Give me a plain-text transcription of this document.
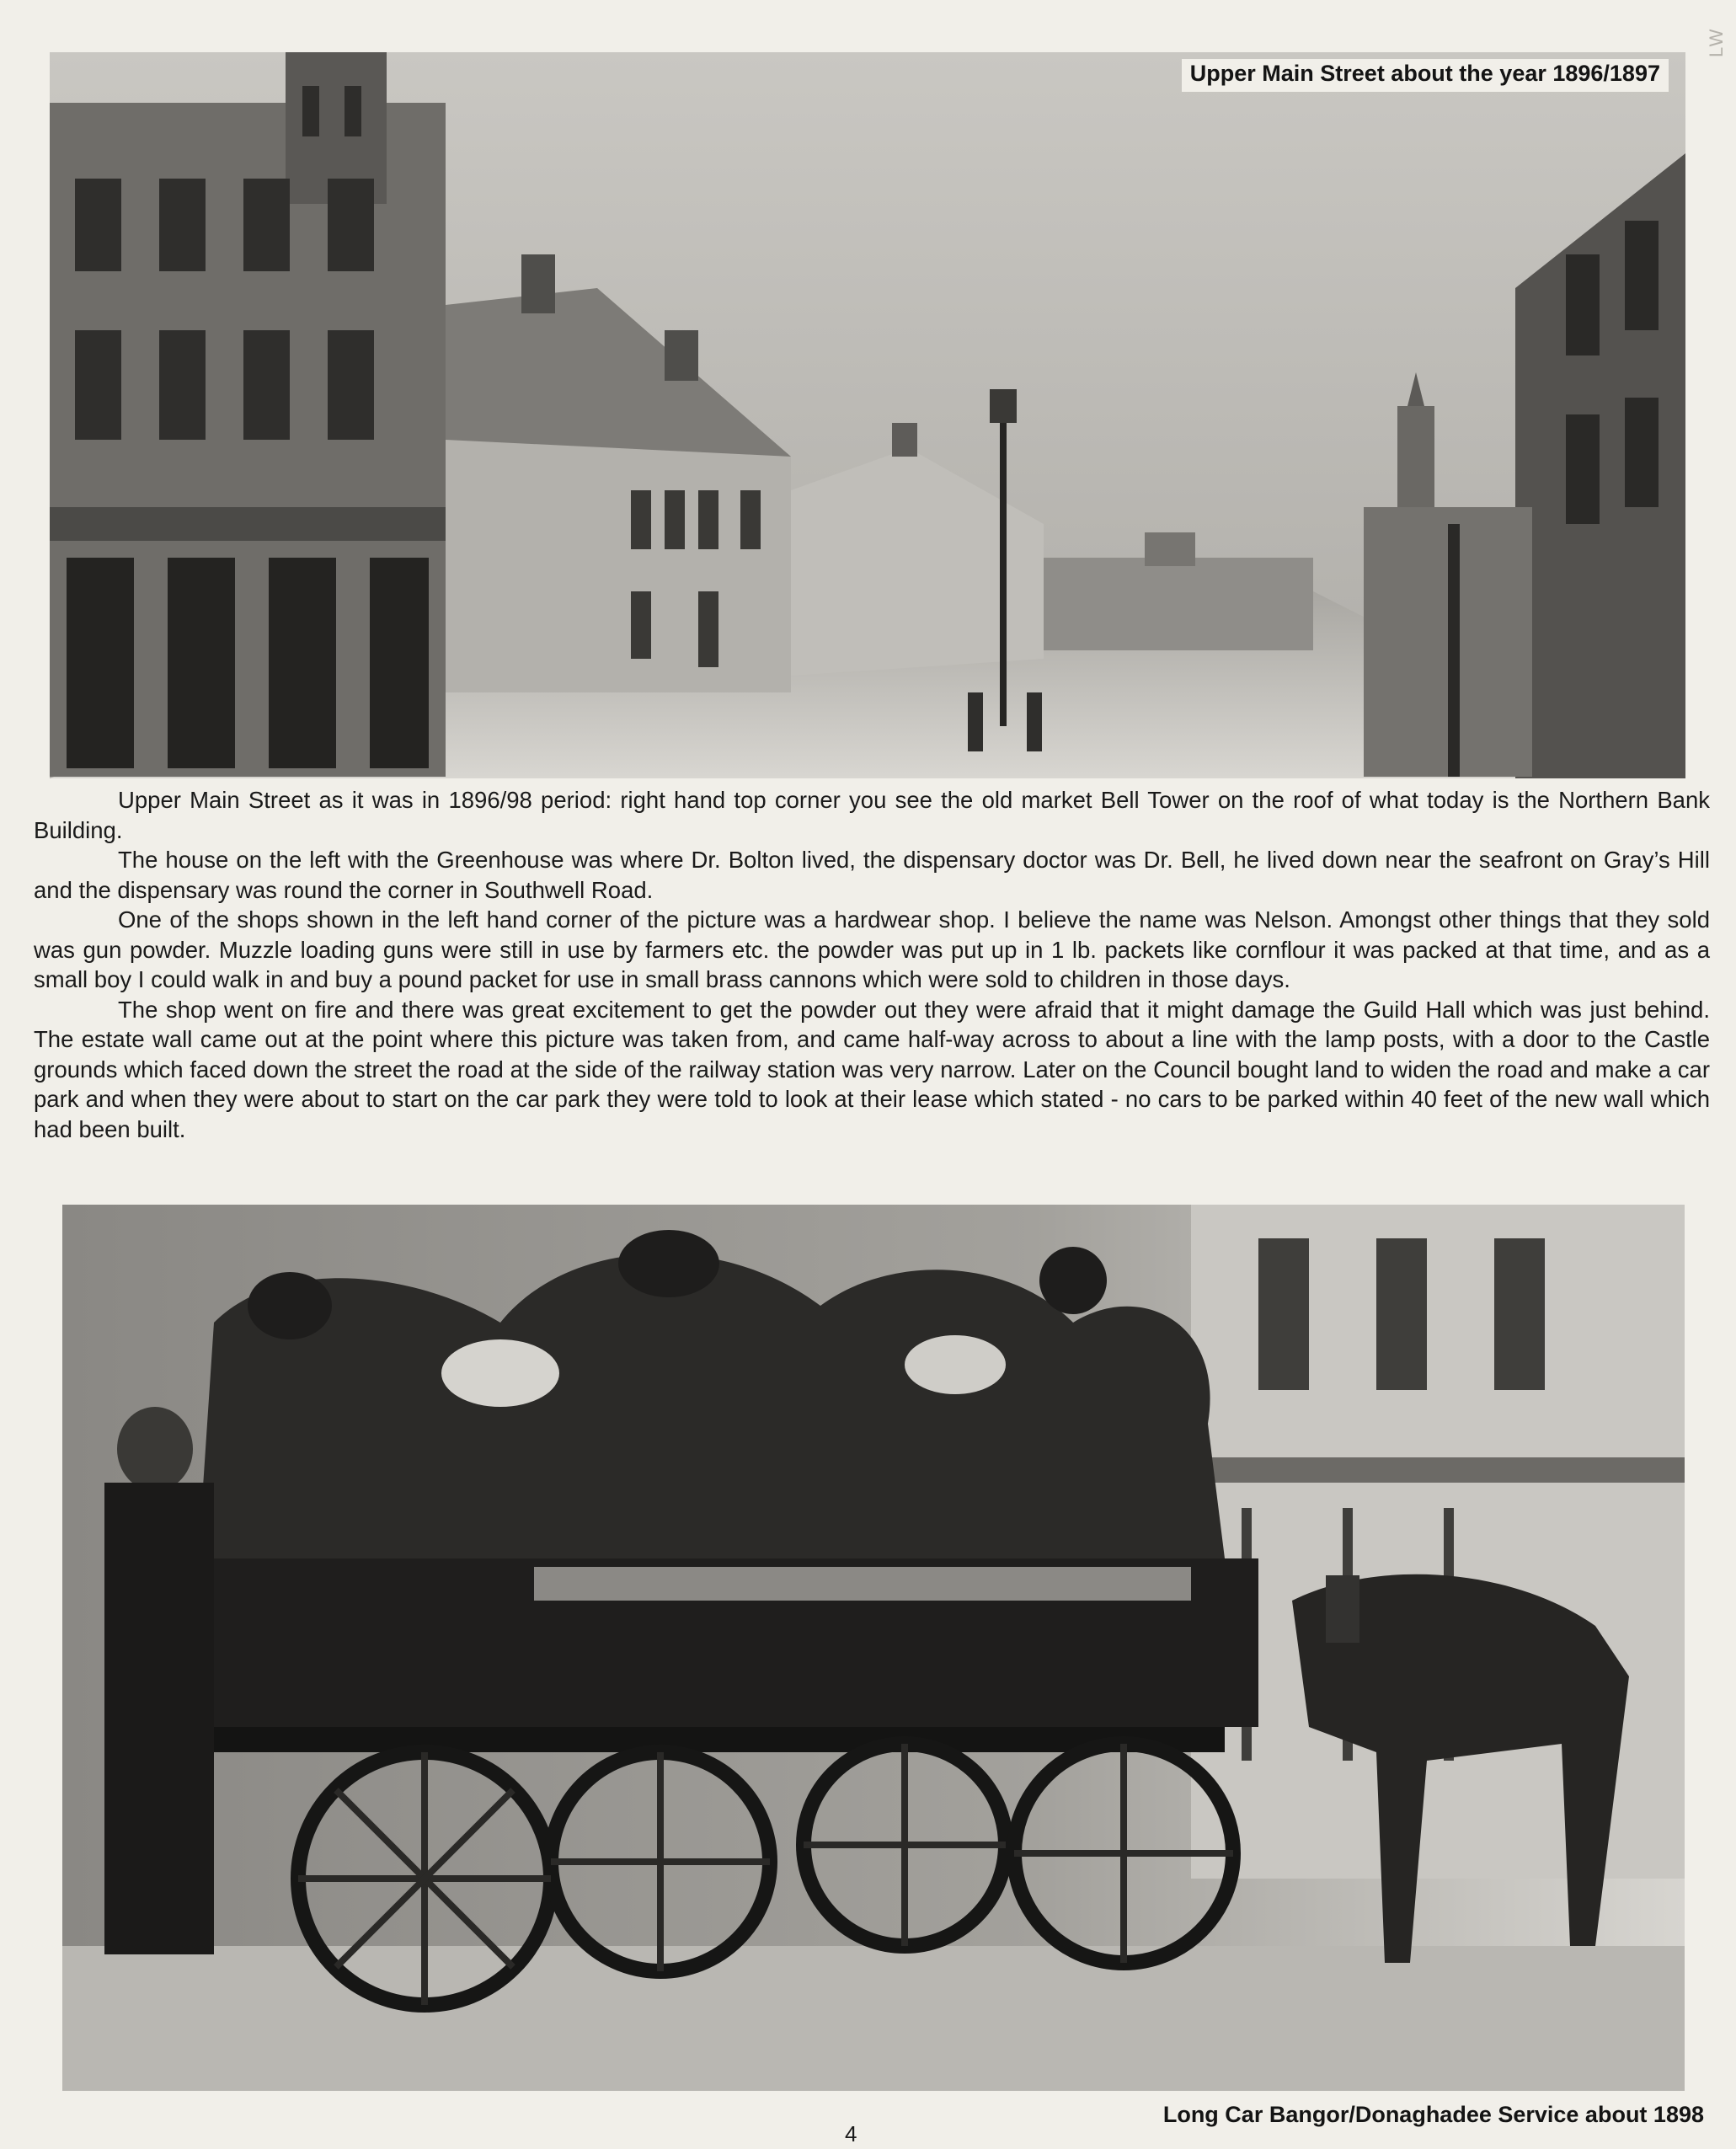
LW
Upper Main Street about the year 1896/1897

Upper Main Street as it was in 1896/98 period: right hand top corner you see the old market Bell Tower on the roof of what today is the Northern Bank Building.

The house on the left with the Greenhouse was where Dr. Bolton lived, the dispensary doctor was Dr. Bell, he lived down near the seafront on Gray’s Hill and the dispensary was round the corner in Southwell Road.

One of the shops shown in the left hand corner of the picture was a hardwear shop. I believe the name was Nelson. Amongst other things that they sold was gun powder. Muzzle loading guns were still in use by farmers etc. the powder was put up in 1 lb. packets like cornflour it was packed at that time, and as a small boy I could walk in and buy a pound packet for use in small brass cannons which were sold to children in those days.

The shop went on fire and there was great excitement to get the powder out they were afraid that it might damage the Guild Hall which was just behind. The estate wall came out at the point where this picture was taken from, and came half-way across to about a line with the lamp posts, with a door to the Castle grounds which faced down the street the road at the side of the railway station was very narrow. Later on the Council bought land to widen the road and make a car park and when they were about to start on the car park they were told to look at their lease which stated - no cars to be parked within 40 feet of the new wall which had been built.

Long Car Bangor/Donaghadee Service about 1898
4
